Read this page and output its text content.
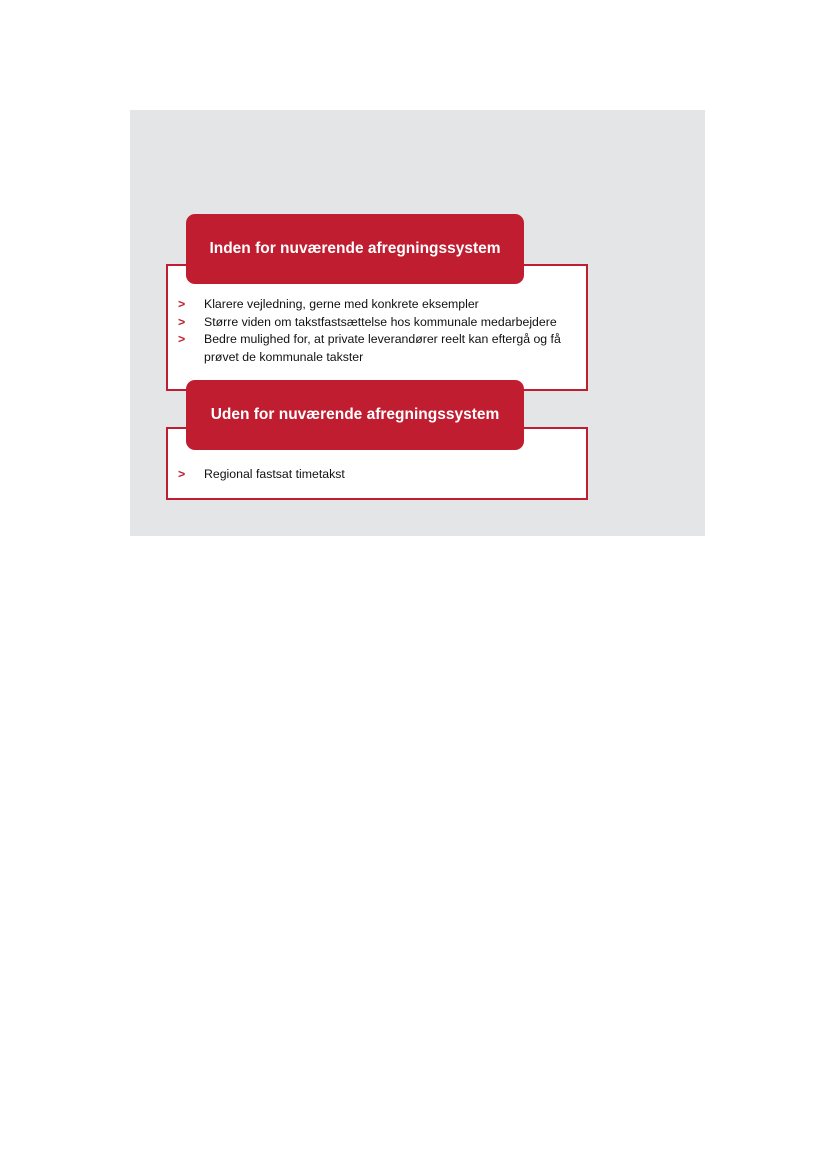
Inden for nuværende afregningssystem
>	Klarere vejledning, gerne med konkrete eksempler
>	Større viden om takstfastsættelse hos kommunale medarbejdere
>	Bedre mulighed for, at private leverandører reelt kan eftergå og få prøvet de kommunale takster
Uden for nuværende afregningssystem
>	Regional fastsat timetakst
